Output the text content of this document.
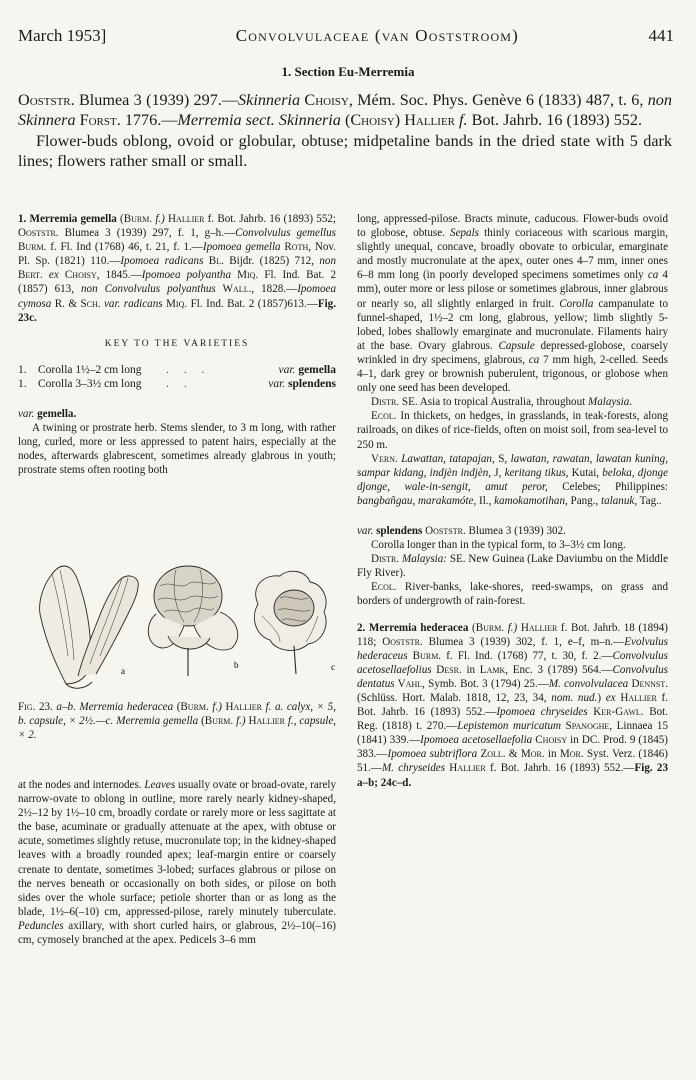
March 1953]	Convolvulaceae (van Ooststroom)	441
1. Section Eu-Merremia

Ooststr. Blumea 3 (1939) 297.—Skinneria Choisy, Mém. Soc. Phys. Genève 6 (1833) 487, t. 6, non Skinnera Forst. 1776.—Merremia sect. Skinneria (Choisy) Hallier f. Bot. Jahrb. 16 (1893) 552.

Flower-buds oblong, ovoid or globular, obtuse; midpetaline bands in the dried state with 5 dark lines; flowers rather small or small.

1. Merremia gemella (Burm. f.) Hallier f. Bot. Jahrb. 16 (1893) 552; Ooststr. Blumea 3 (1939) 297, f. 1, g–h.—Convolvulus gemellus Burm. f. Fl. Ind (1768) 46, t. 21, f. 1.—Ipomoea gemella Roth, Nov. Pl. Sp. (1821) 110.—Ipomoea radicans Bl. Bijdr. (1825) 712, non Bert. ex Choisy, 1845.—Ipomoea polyantha Miq. Fl. Ind. Bat. 2 (1857) 613, non Convolvulus polyanthus Wall., 1828.—Ipomoea cymosa R. & Sch. var. radicans Miq. Fl. Ind. Bat. 2 (1857)613.—Fig. 23c.

KEY TO THE VARIETIES

1. Corolla 1½–2 cm long	. . .	var. gemella
1. Corolla 3–3½ cm long	. .	var. splendens

var. gemella.

A twining or prostrate herb. Stems slender, to 3 m long, with rather long, curled, more or less appressed to patent hairs, especially at the nodes, afterwards glabrescent, sometimes already glabrous in youth; prostrate stems often rooting both

a
b	c
Fig. 23. a–b. Merremia hederacea (Burm. f.) Hallier f. a. calyx, × 5, b. capsule, × 2½.—c. Merremia gemella (Burm. f.) Hallier f., capsule, × 2.

at the nodes and internodes. Leaves usually ovate or broad-ovate, rarely narrow-ovate to oblong in outline, more rarely nearly kidney-shaped, 2½–12 by 1½–10 cm, broadly cordate or rarely more or less sagittate at the base, acuminate or gradually attenuate at the apex, with obtuse or acute, sometimes slightly retuse, mucronulate top; in the kidney-shaped leaves with a broadly rounded apex; leaf-margin entire or coarsely crenate to dentate, sometimes 3-lobed; surfaces glabrous or pilose on the nerves beneath or occasionally on both sides, or pilose on both sides over the whole surface; petiole shorter than or as long as the blade, 1½–6(–10) cm, appressed-pilose, rarely minutely tuberculate. Peduncles axillary, with short curled hairs, or glabrous, 2½–10(–16) cm, cymosely branched at the apex. Pedicels 3–6 mm

long, appressed-pilose. Bracts minute, caducous. Flower-buds ovoid to globose, obtuse. Sepals thinly coriaceous with scarious margin, slightly unequal, concave, broadly obovate to orbicular, emarginate and mostly mucronulate at the apex, outer ones 4–7 mm, inner ones 6–8 mm long (in poorly developed specimens sometimes only ca 4 mm), outer more or less pilose or sometimes glabrous, inner glabrous or nearly so, all slightly enlarged in fruit. Corolla campanulate to funnel-shaped, 1½–2 cm long, glabrous, yellow; limb slightly 5-lobed, lobes shallowly emarginate and mucronulate. Filaments hairy at the base. Ovary glabrous. Capsule depressed-globose, coarsely wrinkled in dry specimens, glabrous, ca 7 mm high, 2-celled. Seeds 4–1, dark grey or brownish puberulent, trigonous, or globose when only one seed has been developed.

Distr. SE. Asia to tropical Australia, throughout Malaysia.

Ecol. In thickets, on hedges, in grasslands, in teak-forests, along railroads, on dikes of rice-fields, often on moist soil, from sea-level to 250 m.

Vern. Lawattan, tatapajan, S, lawatan, rawatan, lawatan kuning, sampar kidang, indjèn indjèn, J, keritang tikus, Kutai, beloka, djonge djonge, wale-in-sengit, amut peror, Celebes; Philippines: bangbañgau, marakamóte, Il., kamokamotihan, Pang., talanuk, Tag..

var. splendens Ooststr. Blumea 3 (1939) 302.

Corolla longer than in the typical form, to 3–3½ cm long.

Distr. Malaysia: SE. New Guinea (Lake Daviumbu on the Middle Fly River).

Ecol. River-banks, lake-shores, reed-swamps, on grass and borders of undergrowth of rain-forest.

2. Merremia hederacea (Burm. f.) Hallier f. Bot. Jahrb. 18 (1894) 118; Ooststr. Blumea 3 (1939) 302, f. 1, e–f, m–n.—Evolvulus hederaceus Burm. f. Fl. Ind. (1768) 77, t. 30, f. 2.—Convolvulus acetosellaefolius Desr. in Lamk, Enc. 3 (1789) 564.—Convolvulus dentatus Vahl, Symb. Bot. 3 (1794) 25.—M. convolvulacea Dennst. (Schlüss. Hort. Malab. 1818, 12, 23, 34, nom. nud.) ex Hallier f. Bot. Jahrb. 16 (1893) 552.—Ipomoea chryseides Ker-Gawl. Bot. Reg. (1818) t. 270.—Lepistemon muricatum Spanoghe, Linnaea 15 (1841) 339.—Ipomoea acetosellaefolia Choisy in DC. Prod. 9 (1845) 383.—Ipomoea subtriflora Zoll. & Mor. in Mor. Syst. Verz. (1846) 51.—M. chryseides Hallier f. Bot. Jahrb. 16 (1893) 552.—Fig. 23 a–b; 24c–d.
